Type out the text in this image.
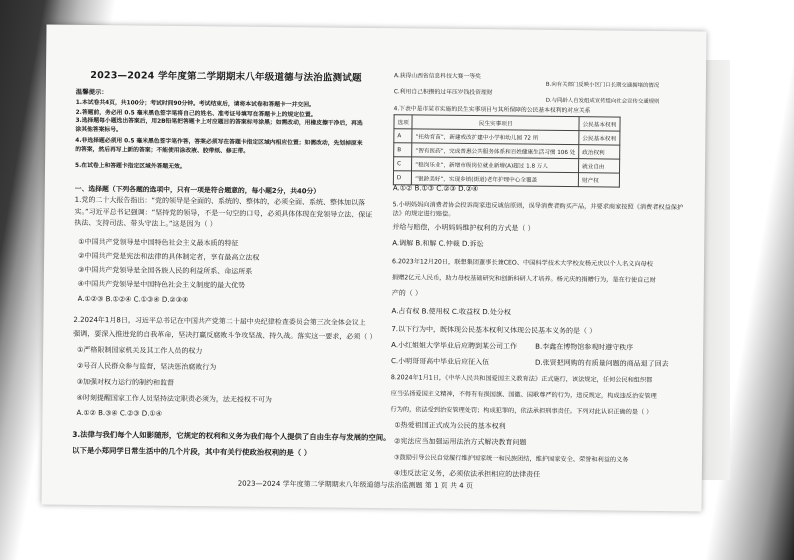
2023—2024 学年度第二学期期末八年级道德与法治监测试题
温馨提示：
1.本试卷共4页，共100分；考试时间90分钟。考试结束后，请将本试卷和答题卡一并交回。
2.答题前，务必用 0.5 毫米黑色签字笔将自己的姓名、准考证号填写在答题卡上的规定位置。
3.选择题每小题选出答案后，用2B铅笔把答题卡上对应题目的答案标号涂黑；如需改动，用橡皮擦干净后，再选涂其他答案标号。
4.非选择题必须用 0.5 毫米黑色签字笔作答，答案必须写在答题卡指定区域内相应位置；如需改动，先划掉原来的答案，然后再写上新的答案；不能使用涂改液、胶带纸、修正带。
5.在试卷上和答题卡指定区域外答题无效。
一、选择题（下列各题的选项中，只有一项是符合题意的，每小题2分，共40分）
1.党的二十大报告指出：“党的领导是全面的、系统的、整体的，必须全面、系统、整体加以落实。”习近平总书记强调：“坚持党的领导，不是一句空的口号，必须具体体现在党领导立法、保证执法、支持司法、带头守法上。”这是因为（ ）
①中国共产党领导是中国特色社会主义最本质的特征
②中国共产党是宪法和法律的具体制定者，享有最高立法权
③中国共产党领导是全国各族人民的利益所系、命运所系
④中国共产党领导是中国特色社会主义制度的最大优势
A.①②③ B.①②④ C.①③④ D.②③④
2.2024年1月8日，习近平总书记在中国共产党第二十届中央纪律检查委员会第三次全体会议上
强调，要深入推进党的自我革命，坚决打赢反腐败斗争攻坚战、持久战。落实这一要求，必须（ ）
①严格限制国家机关及其工作人员的权力
②号召人民群众参与监督，坚决惩治腐败行为
③加强对权力运行的制约和监督
④时刻提醒国家工作人员坚持法定职责必须为，法无授权不可为
A.①② B.③④ C.②③ D.①④
3.法律与我们每个人如影随形，它规定的权利和义务为我们每个人提供了自由生存与发展的空间。
以下是小郑同学日常生活中的几个片段，其中有关行使政治权利的是（ ）
A.获得山西省信息科技大赛一等奖
B.向有关部门反映小区门口长期交通拥堵的情况
C.利用自己积攒的过年压岁钱投资理财
D.与同龄人自发组成宣传组向社会宣传交通规则
4.下表中是市某市实施的民生实事项目与其所保障的公民基本权利的对应关系
选项	民生实事项目	公民基本权利
A	“托幼育苗”，新建或改扩建中小学和幼儿园 72 所	公民基本权利
B	“智有医药”，完成普惠公共服务体系和百姓健康生活习惯 106 处	政治权利
C	“稳岗乐业”，新增市级岗位就业新增(A)超过 1.8 万人	就业自由
D	“银龄美好”，实现乡镇(街道)老年护理中心全覆盖	财产权
A.①② B.①③ C.②③ D.②④
5.小明妈妈向消费者协会投诉商家违反诚信原则，误导消费者购买产品，并要求商家按照《消费者权益保护法》的规定进行赔偿。
并给与赔偿，小明妈妈维护权利的方式是（ ）
A.调解 B.和解 C.仲裁 D.诉讼
6.2023年12月20日，联想集团董事长兼CEO、中国科学技术大学校友杨元庆以个人名义向母校
捐赠2亿元人民币，助力母校基础研究和创新科研人才培养。杨元庆的捐赠行为，是在行使自己财
产的（ ）
A.占有权 B.使用权 C.收益权 D.处分权
7.以下行为中，既体现公民基本权利又体现公民基本义务的是（ ）
A.小红姐姐大学毕业后应聘到某公司工作	B.李鑫在博物馆参观时遵守秩序
C.小明哥哥高中毕业后应征入伍	D.张贤把网购的有质量问题的商品退了回去
8.2024年1月1日，《中华人民共和国爱国主义教育法》正式施行，该法规定，任何公民和组织都
应当弘扬爱国主义精神，不得有有损国旗、国徽、国歌尊严的行为，违反规定，构成违反治安管理
行为的，依法受到治安管理处罚；构成犯罪的，依法承担刑事责任。下列对此认识正确的是（ ）
①热爱祖国正式成为公民的基本权利
②宪法应当加强运用法治方式解决教育问题
③鼓励引导公民自觉履行维护国家统一和民族团结，维护国家安全、荣誉和利益的义务
④违反法定义务，必须依法承担相应的法律责任
2023—2024 学年度第二学期期末八年级道德与法治监测题 第 1 页 共 4 页
